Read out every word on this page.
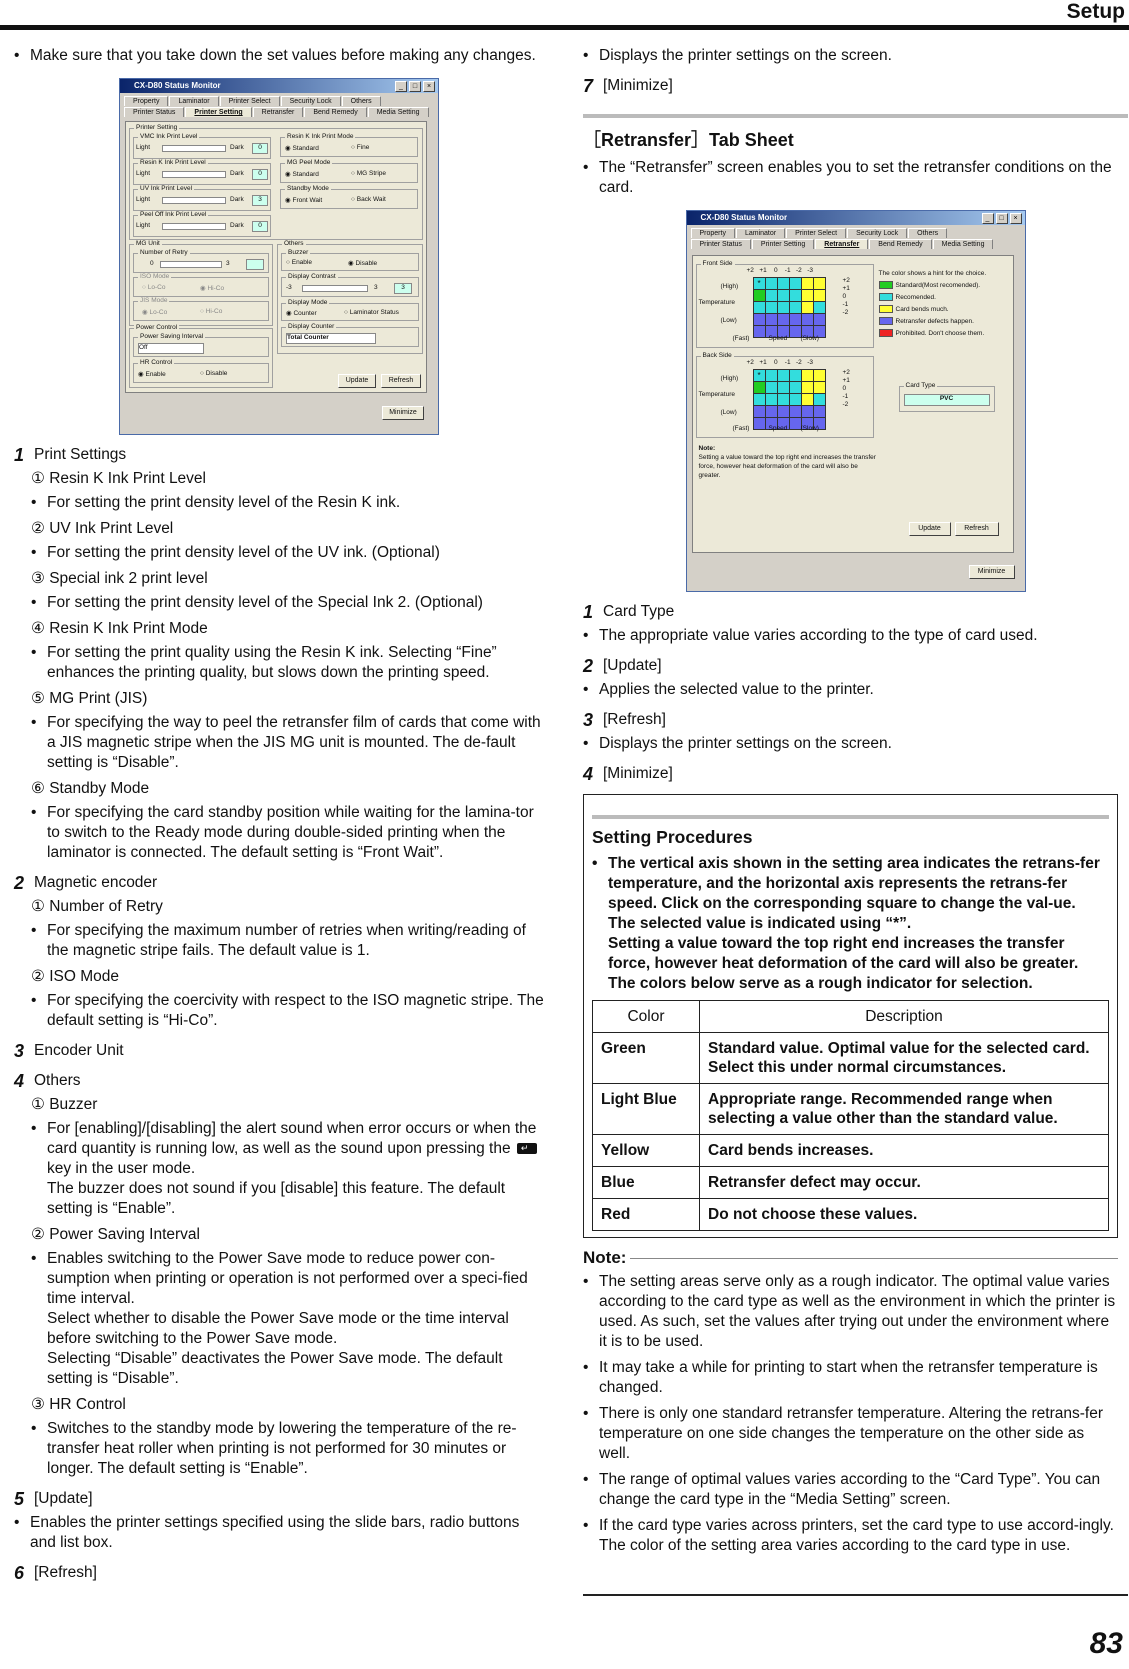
Setup
• Make sure that you take down the set values before making any changes.
CX-D80 Status Monitor	_	□	×
Property	Laminator	Printer Select	Security Lock	Others
Printer Status	Printer Setting	Retransfer	Bend Remedy	Media Setting
Printer Setting
VMC Ink Print Level
Light	Dark	0
Resin K Ink Print Level
Light	Dark	0
UV Ink Print Level
Light	Dark	3
Peel Off Ink Print Level
Light	Dark	0
Resin K Ink Print Mode
◉ Standard	○ Fine
MG Peel Mode
◉ Standard	○ MG Stripe
Standby Mode
◉ Front Wait	○ Back Wait
MG Unit
Number of Retry
0	3
ISO Mode
○ Lo-Co	◉ Hi-Co
JIS Mode
◉ Lo-Co	○ Hi-Co
Others
Buzzer
○ Enable	◉ Disable
Display Contrast
-3	3	3
Display Mode
◉ Counter	○ Laminator Status
Display Counter
Total Counter
Power Control
Power Saving Interval
Off
HR Control
◉ Enable	○ Disable
Update	Refresh
Minimize
1 Print Settings

① Resin K Ink Print Level

• For setting the print density level of the Resin K ink.

② UV Ink Print Level

• For setting the print density level of the UV ink. (Optional)

③ Special ink 2 print level

• For setting the print density level of the Special Ink 2. (Optional)

④ Resin K Ink Print Mode

• For setting the print quality using the Resin K ink. Selecting “Fine” enhances the printing quality, but slows down the printing speed.

⑤ MG Print (JIS)

• For specifying the way to peel the retransfer film of cards that come with a JIS magnetic stripe when the JIS MG unit is mounted. The de-fault setting is “Disable”.

⑥ Standby Mode

• For specifying the card standby position while waiting for the lamina-tor to switch to the Ready mode during double-sided printing when the laminator is connected. The default setting is “Front Wait”.
2 Magnetic encoder

① Number of Retry

• For specifying the maximum number of retries when writing/reading of the magnetic stripe fails. The default value is 1.

② ISO Mode

• For specifying the coercivity with respect to the ISO magnetic stripe. The default setting is “Hi-Co”.
3 Encoder Unit
4 Others

① Buzzer

• For [enabling]/[disabling] the alert sound when error occurs or when the card quantity is running low, as well as the sound upon pressing the ↵
key in the user mode.
The buzzer does not sound if you [disable] this feature. The default setting is “Enable”.

② Power Saving Interval

• Enables switching to the Power Save mode to reduce power con-sumption when printing or operation is not performed over a speci-fied time interval.
Select whether to disable the Power Save mode or the time interval before switching to the Power Save mode.
Selecting “Disable” deactivates the Power Save mode. The default setting is “Disable”.

③ HR Control

• Switches to the standby mode by lowering the temperature of the re-transfer heat roller when printing is not performed for 30 minutes or longer. The default setting is “Enable”.
5 [Update]
• Enables the printer settings specified using the slide bars, radio buttons and list box.
6 [Refresh]
• Displays the printer settings on the screen.
7 [Minimize]
［Retransfer］Tab Sheet
• The “Retransfer” screen enables you to set the retransfer conditions on the card.
CX-D80 Status Monitor	_	□	×
Property	Laminator	Printer Select	Security Lock	Others
Printer Status	Printer Setting	Retransfer	Bend Remedy	Media Setting
Front Side
+2   +1    0    -1   -2   -3
(High)
Temperature
(Low)
*	+2
+1
0
-1
-2
(Fast)	Speed (Slow)
The color shows a hint for the choice.
Standard(Most recomended).
Recomended.
Card bends much.
Retransfer defects happen.
Prohibited. Don't choose them.
Back Side
+2   +1    0    -1   -2   -3
(High)
Temperature
(Low)
*	+2
+1
0
-1
-2
(Fast)	Speed (Slow)
Card Type
PVC
Note:
Setting a value toward the top right end increases the transfer force, however heat deformation of the card will also be greater.
Update	Refresh
Minimize
1 Card Type
• The appropriate value varies according to the type of card used.
2 [Update]
• Applies the selected value to the printer.
3 [Refresh]
• Displays the printer settings on the screen.
4 [Minimize]
Setting Procedures
• The vertical axis shown in the setting area indicates the retrans-fer temperature, and the horizontal axis represents the retrans-fer speed. Click on the corresponding square to change the val-ue.
The selected value is indicated using “*”.
Setting a value toward the top right end increases the transfer force, however heat deformation of the card will also be greater.
The colors below serve as a rough indicator for selection.
Color	Description
Green	Standard value. Optimal value for the selected card. Select this under normal circumstances.
Light Blue	Appropriate range. Recommended range when selecting a value other than the standard value.
Yellow	Card bends increases.
Blue	Retransfer defect may occur.
Red	Do not choose these values.
Note:
• The setting areas serve only as a rough indicator. The optimal value varies according to the card type as well as the environment in which the printer is used. As such, set the values after trying out under the environment where it is to be used.
• It may take a while for printing to start when the retransfer temperature is changed.
• There is only one standard retransfer temperature. Altering the retrans-fer temperature on one side changes the temperature on the other side as well.
• The range of optimal values varies according to the “Card Type”. You can change the card type in the “Media Setting” screen.
• If the card type varies across printers, set the card type to use accord-ingly. The color of the setting area varies according to the card type in use.
83
